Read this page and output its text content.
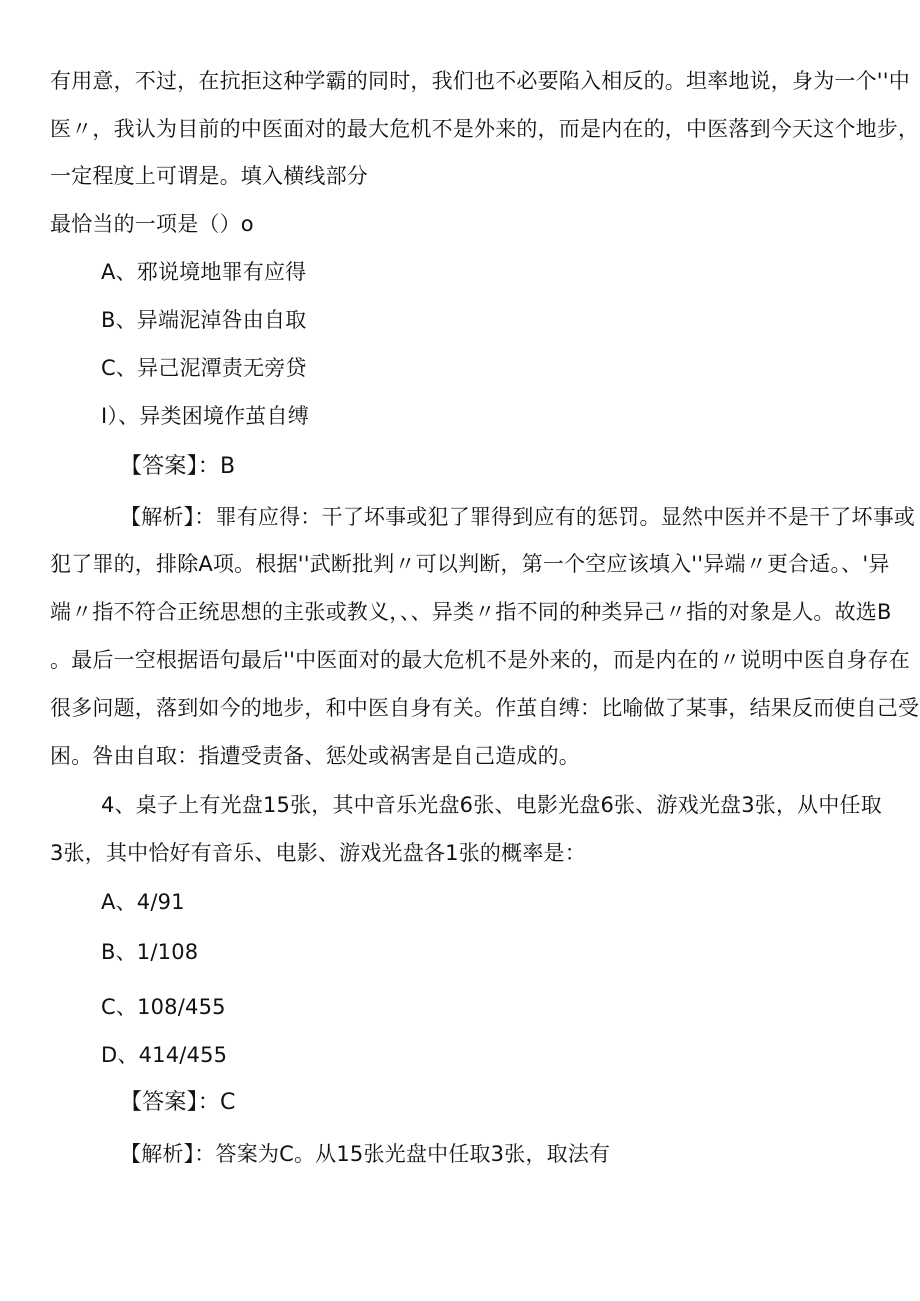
有用意，不过，在抗拒这种学霸的同时，我们也不必要陷入相反的。坦率地说，身为一个''中
医〃，我认为目前的中医面对的最大危机不是外来的，而是内在的，中医落到今天这个地步，
一定程度上可谓是。填入横线部分
最恰当的一项是（）o
A、邪说境地罪有应得
B、异端泥淖咎由自取
C、异己泥潭责无旁贷
I）、异类困境作茧自缚
【答案】：B
【解析】：罪有应得：干了坏事或犯了罪得到应有的惩罚。显然中医并不是干了坏事或
犯了罪的，排除A项。根据''武断批判〃可以判断，第一个空应该填入''异端〃更合适。、'异
端〃指不符合正统思想的主张或教义，、、异类〃指不同的种类异己〃指的对象是人。故选B
。最后一空根据语句最后''中医面对的最大危机不是外来的，而是内在的〃说明中医自身存在
很多问题，落到如今的地步，和中医自身有关。作茧自缚：比喻做了某事，结果反而使自己受
困。咎由自取：指遭受责备、惩处或祸害是自己造成的。
4、桌子上有光盘15张，其中音乐光盘6张、电影光盘6张、游戏光盘3张，从中任取
3张，其中恰好有音乐、电影、游戏光盘各1张的概率是：
A、4/91
B、1/108
C、108/455
D、414/455
【答案】：C
【解析】：答案为C。从15张光盘中任取3张，取法有
